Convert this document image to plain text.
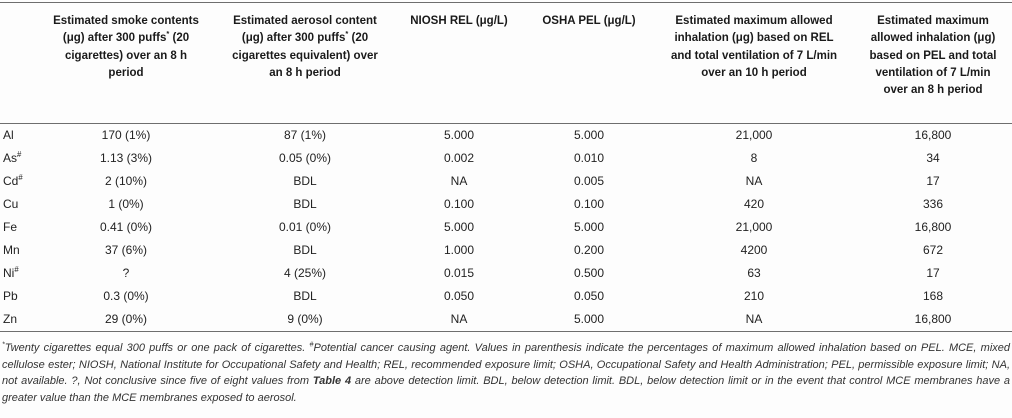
	Estimated smoke contents (μg) after 300 puffs* (20 cigarettes) over an 8 h period	Estimated aerosol content (μg) after 300 puffs* (20 cigarettes equivalent) over an 8 h period	NIOSH REL (μg/L)	OSHA PEL (μg/L)	Estimated maximum allowed inhalation (μg) based on REL and total ventilation of 7 L/min over an 10 h period	Estimated maximum allowed inhalation (μg) based on PEL and total ventilation of 7 L/min over an 8 h period
Al	170 (1%)	87 (1%)	5.000	5.000	21,000	16,800
As#	1.13 (3%)	0.05 (0%)	0.002	0.010	8	34
Cd#	2 (10%)	BDL	NA	0.005	NA	17
Cu	1 (0%)	BDL	0.100	0.100	420	336
Fe	0.41 (0%)	0.01 (0%)	5.000	5.000	21,000	16,800
Mn	37 (6%)	BDL	1.000	0.200	4200	672
Ni#	?	4 (25%)	0.015	0.500	63	17
Pb	0.3 (0%)	BDL	0.050	0.050	210	168
Zn	29 (0%)	9 (0%)	NA	5.000	NA	16,800
*Twenty cigarettes equal 300 puffs or one pack of cigarettes. #Potential cancer causing agent. Values in parenthesis indicate the percentages of maximum allowed inhalation based on PEL. MCE, mixed cellulose ester; NIOSH, National Institute for Occupational Safety and Health; REL, recommended exposure limit; OSHA, Occupational Safety and Health Administration; PEL, permissible exposure limit; NA, not available. ?, Not conclusive since five of eight values from Table 4 are above detection limit. BDL, below detection limit. BDL, below detection limit or in the event that control MCE membranes have a greater value than the MCE membranes exposed to aerosol.
